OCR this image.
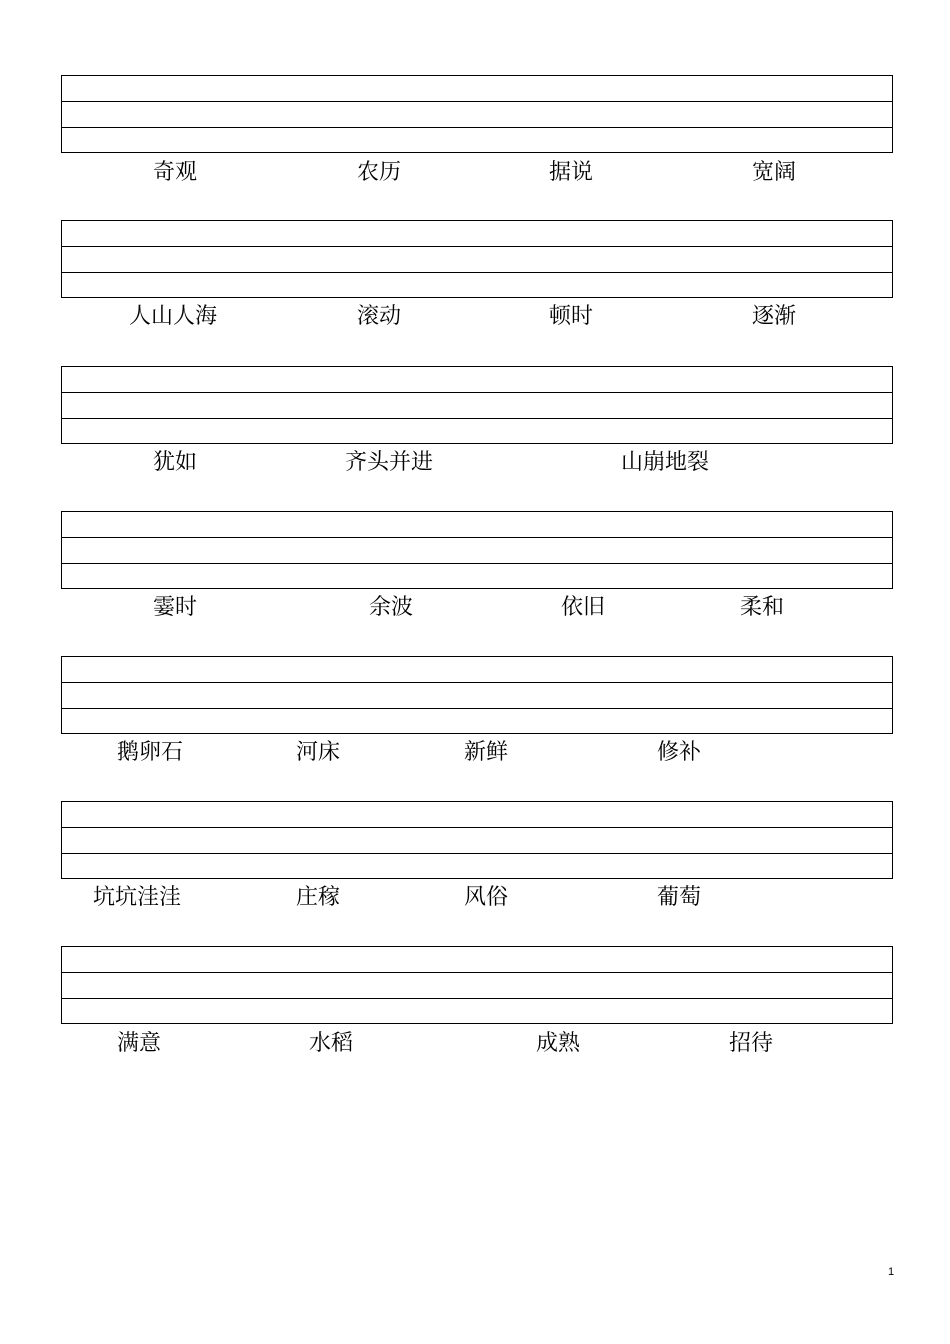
奇观	农历	据说	宽阔
人山人海	滚动	顿时	逐渐
犹如	齐头并进	山崩地裂
霎时	余波	依旧	柔和
鹅卵石	河床	新鲜	修补
坑坑洼洼	庄稼	风俗	葡萄
满意	水稻	成熟	招待
1
